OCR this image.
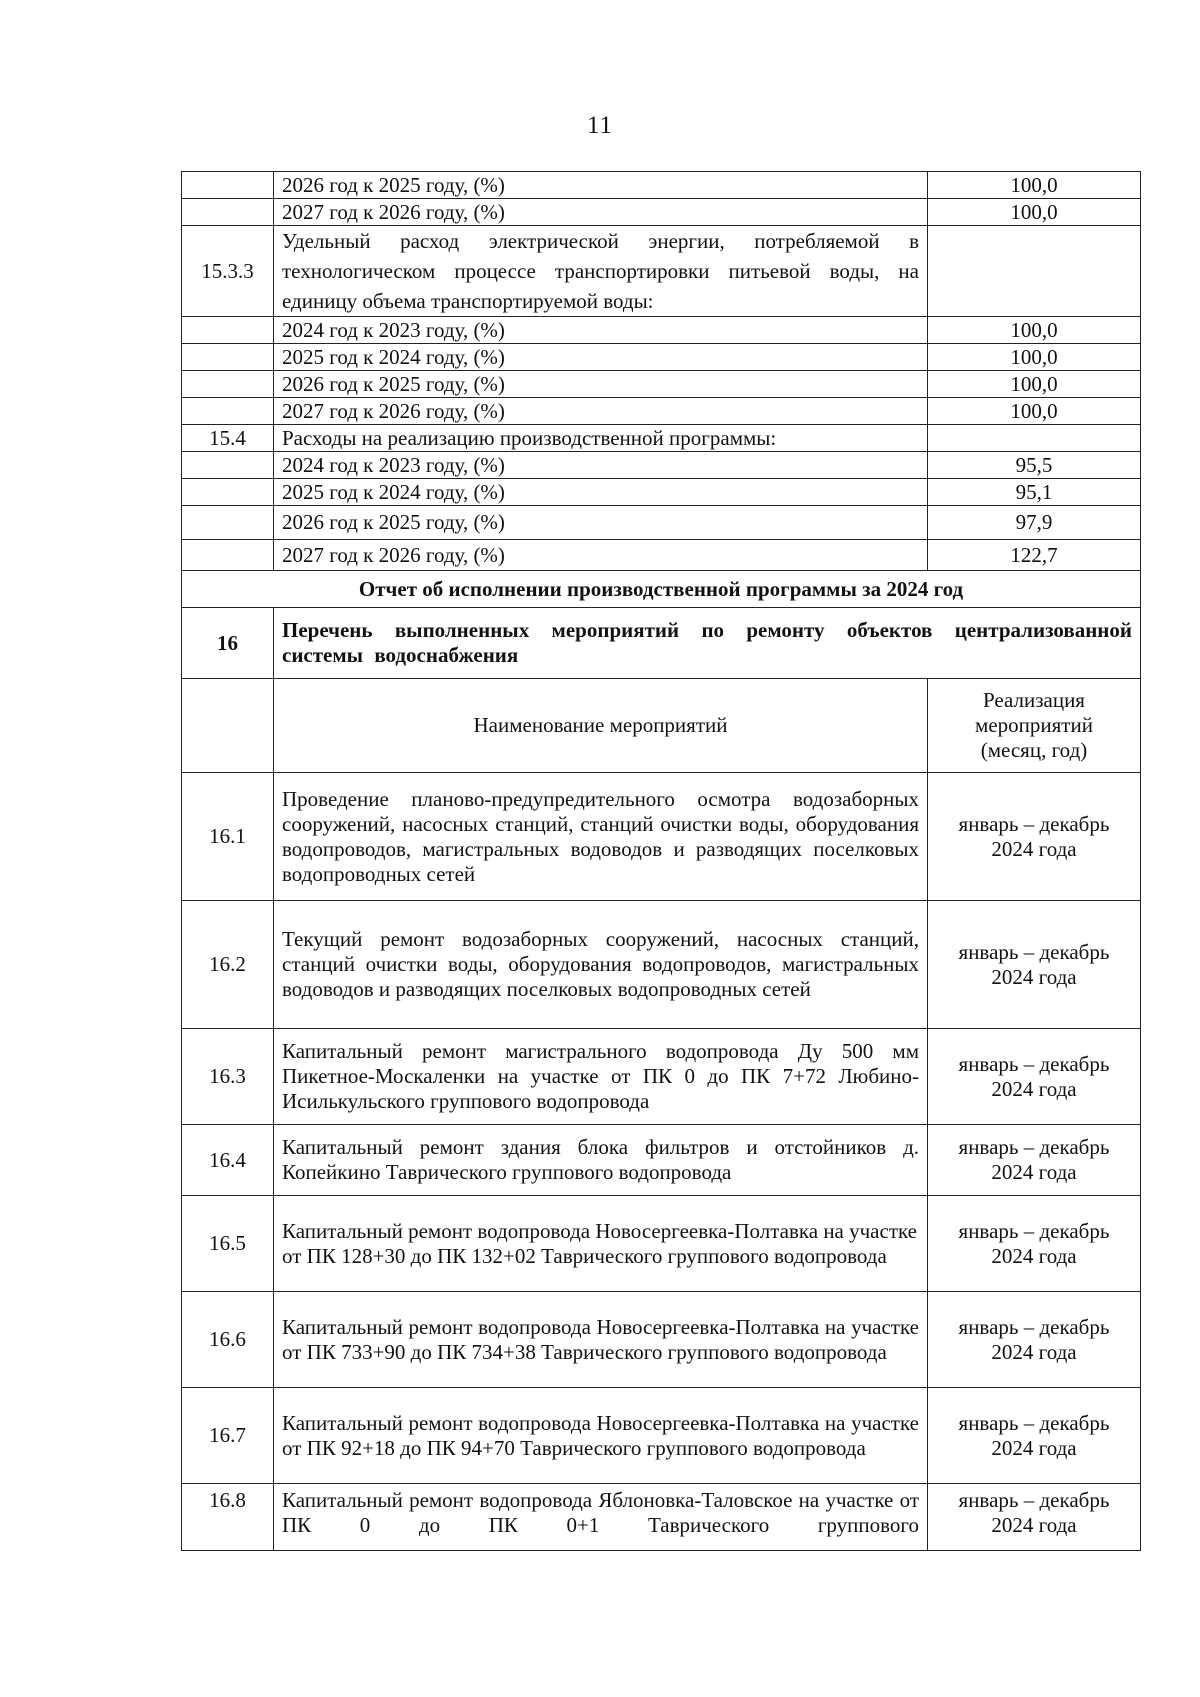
11
	2026 год к 2025 году, (%)	100,0
	2027 год к 2026 году, (%)	100,0
15.3.3	Удельный расход электрической энергии, потребляемой в технологическом процессе транспортировки питьевой воды, на единицу объема транспортируемой воды:	
	2024 год к 2023 году, (%)	100,0
	2025 год к 2024 году, (%)	100,0
	2026 год к 2025 году, (%)	100,0
	2027 год к 2026 году, (%)	100,0
15.4	Расходы на реализацию производственной программы:	
	2024 год к 2023 году, (%)	95,5
	2025 год к 2024 году, (%)	95,1
	2026 год к 2025 году, (%)	97,9
	2027 год к 2026 году, (%)	122,7
Отчет об исполнении производственной программы за 2024 год		
16	Перечень выполненных мероприятий по ремонту объектов централизованной системы водоснабжения	
	Наименование мероприятий	Реализация мероприятий (месяц, год)
16.1	Проведение планово-предупредительного осмотра водозаборных сооружений, насосных станций, станций очистки воды, оборудования водопроводов, магистральных водоводов и разводящих поселковых водопроводных сетей	январь – декабрь 2024 года
16.2	Текущий ремонт водозаборных сооружений, насосных станций, станций очистки воды, оборудования водопроводов, магистральных водоводов и разводящих поселковых водопроводных сетей	январь – декабрь 2024 года
16.3	Капитальный ремонт магистрального водопровода Ду 500 мм Пикетное-Москаленки на участке от ПК 0 до ПК 7+72 Любино-Исилькульского группового водопровода	январь – декабрь 2024 года
16.4	Капитальный ремонт здания блока фильтров и отстойников д. Копейкино Таврического группового водопровода	январь – декабрь 2024 года
16.5	Капитальный ремонт водопровода Новосергеевка-Полтавка на участке от ПК 128+30 до ПК 132+02 Таврического группового водопровода	январь – декабрь 2024 года
16.6	Капитальный ремонт водопровода Новосергеевка-Полтавка на участке от ПК 733+90 до ПК 734+38 Таврического группового водопровода	январь – декабрь 2024 года
16.7	Капитальный ремонт водопровода Новосергеевка-Полтавка на участке от ПК 92+18 до ПК 94+70 Таврического группового водопровода	январь – декабрь 2024 года
16.8	Капитальный ремонт водопровода Яблоновка-Таловское на участке от ПК 0 до ПК 0+1 Таврического группового	январь – декабрь 2024 года
